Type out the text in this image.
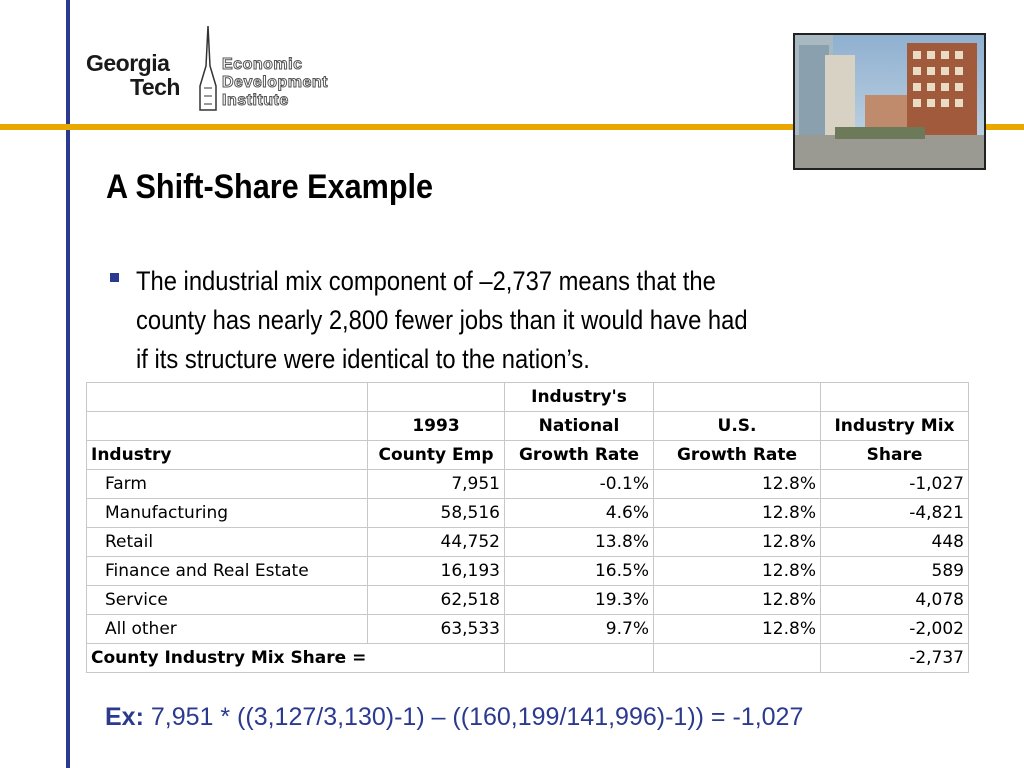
Georgia
Tech
Economic
Development
Institute
A Shift-Share Example
The industrial mix component of –2,737 means that the
county has nearly 2,800 fewer jobs than it would have had
if its structure were identical to the nation’s.
		Industry's		
	1993	National	U.S.	Industry Mix
Industry	County Emp	Growth Rate	Growth Rate	Share
Farm	7,951	-0.1%	12.8%	-1,027
Manufacturing	58,516	4.6%	12.8%	-4,821
Retail	44,752	13.8%	12.8%	448
Finance and Real Estate	16,193	16.5%	12.8%	589
Service	62,518	19.3%	12.8%	4,078
All other	63,533	9.7%	12.8%	-2,002
County Industry Mix Share =				-2,737
Ex: 7,951 * ((3,127/3,130)-1) – ((160,199/141,996)-1)) = -1,027
